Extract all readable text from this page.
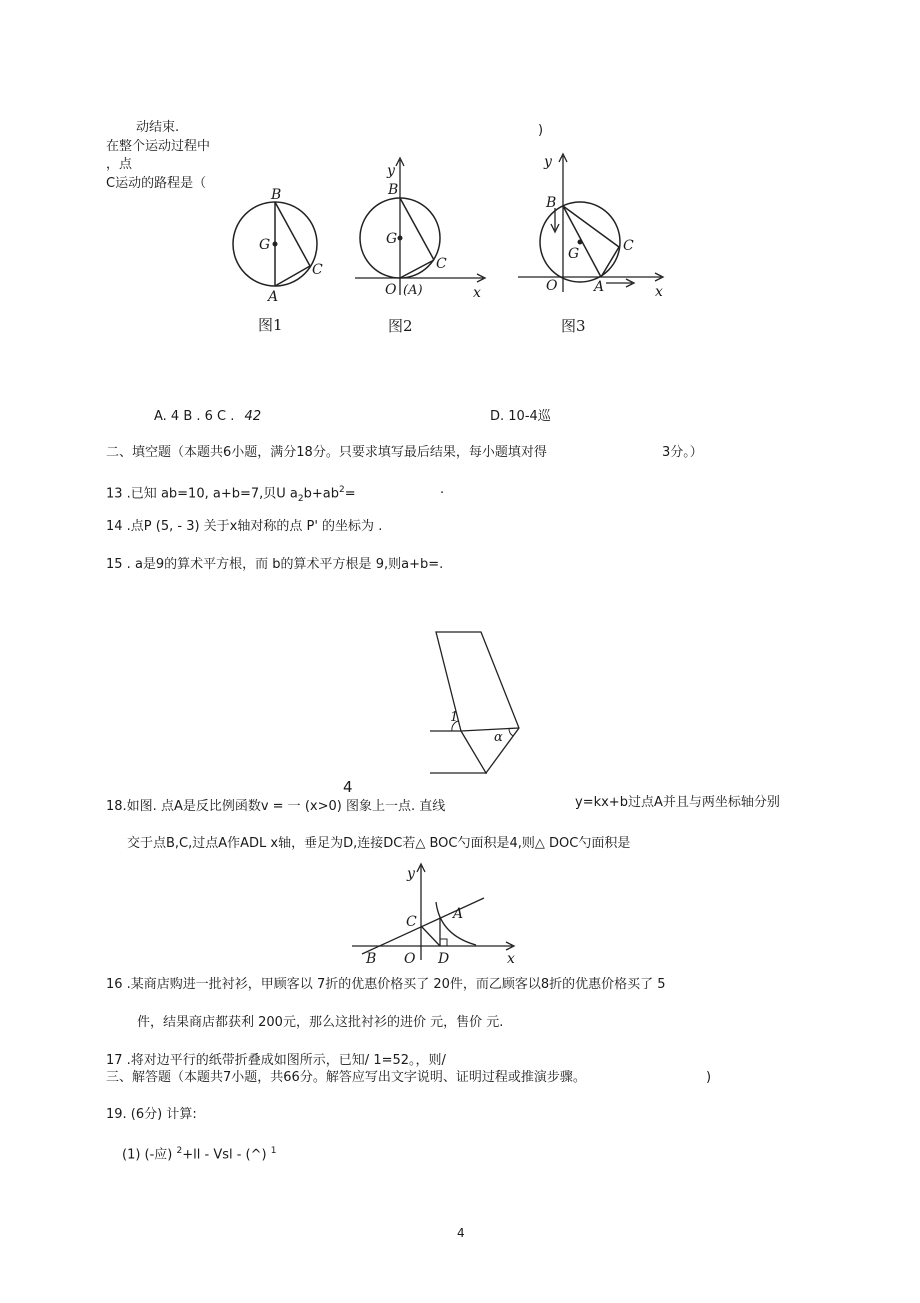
动结束.	)
在整个运动过程中
，点
C运动的路程是（
B
G
C
A
图1
y
B
G
C
O (A)	x
图2
y
B
G	C
O	A	x
图3
A. 4 B . 6 C . 42	D. 10-4巡
二、填空题（本题共6小题，满分18分。只要求填写最后结果，每小题填对得	3分。）
13 .已知 ab=10, a+b=7,贝U $a_2b+ab^2=$	.
14 .点P (5, - 3) 关于x轴对称的点 P' 的坐标为 .
15 . a是9的算术平方根，而 b的算术平方根是 9,则a+b=.
1
α
4
18.如图. 点A是反比例函数v = 一 (x>0) 图象上一点. 直线	y=kx+b过点A并且与两坐标轴分别
交于点B,C,过点A作ADL x轴，垂足为D,连接DC若△ BOC勺面积是4,则△ DOC勺面积是
y
C	A
B O D	x
16 .某商店购进一批衬衫，甲顾客以 7折的优惠价格买了 20件，而乙顾客以8折的优惠价格买了 5
件，结果商店都获利 200元，那么这批衬衫的进价 元，售价 元.
17 .将对边平行的纸带折叠成如图所示，已知/ 1=52。，则/
三、解答题（本题共7小题，共66分。解答应写出文字说明、证明过程或推演步骤。	)
19. (6分) 计算:
(1) (-应) $^2$+ll - Vsl - (^) $^1$
4
